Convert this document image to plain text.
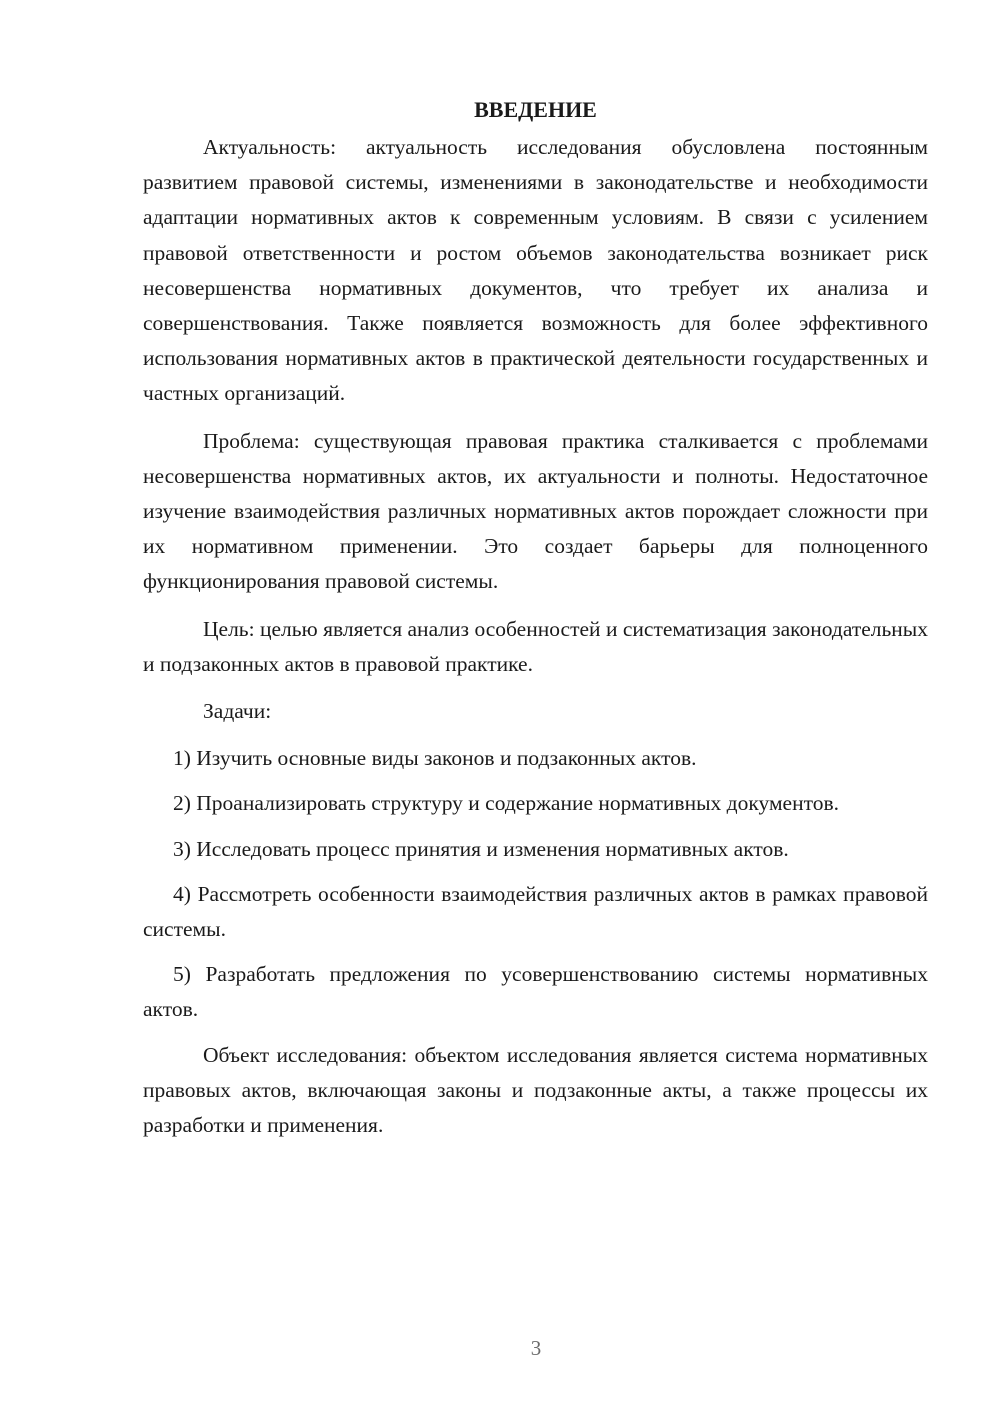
ВВЕДЕНИЕ

Актуальность: актуальность исследования обусловлена постоянным развитием правовой системы, изменениями в законодательстве и необходимости адаптации нормативных актов к современным условиям. В связи с усилением правовой ответственности и ростом объемов законодательства возникает риск несовершенства нормативных документов, что требует их анализа и совершенствования. Также появляется возможность для более эффективного использования нормативных актов в практической деятельности государственных и частных организаций.

Проблема: существующая правовая практика сталкивается с проблемами несовершенства нормативных актов, их актуальности и полноты. Недостаточное изучение взаимодействия различных нормативных актов порождает сложности при их нормативном применении. Это создает барьеры для полноценного функционирования правовой системы.

Цель: целью является анализ особенностей и систематизация законодательных и подзаконных актов в правовой практике.

Задачи:

1) Изучить основные виды законов и подзаконных актов.

2) Проанализировать структуру и содержание нормативных документов.

3) Исследовать процесс принятия и изменения нормативных актов.

4) Рассмотреть особенности взаимодействия различных актов в рамках правовой системы.

5) Разработать предложения по усовершенствованию системы нормативных актов.

Объект исследования: объектом исследования является система нормативных правовых актов, включающая законы и подзаконные акты, а также процессы их разработки и применения.

3
